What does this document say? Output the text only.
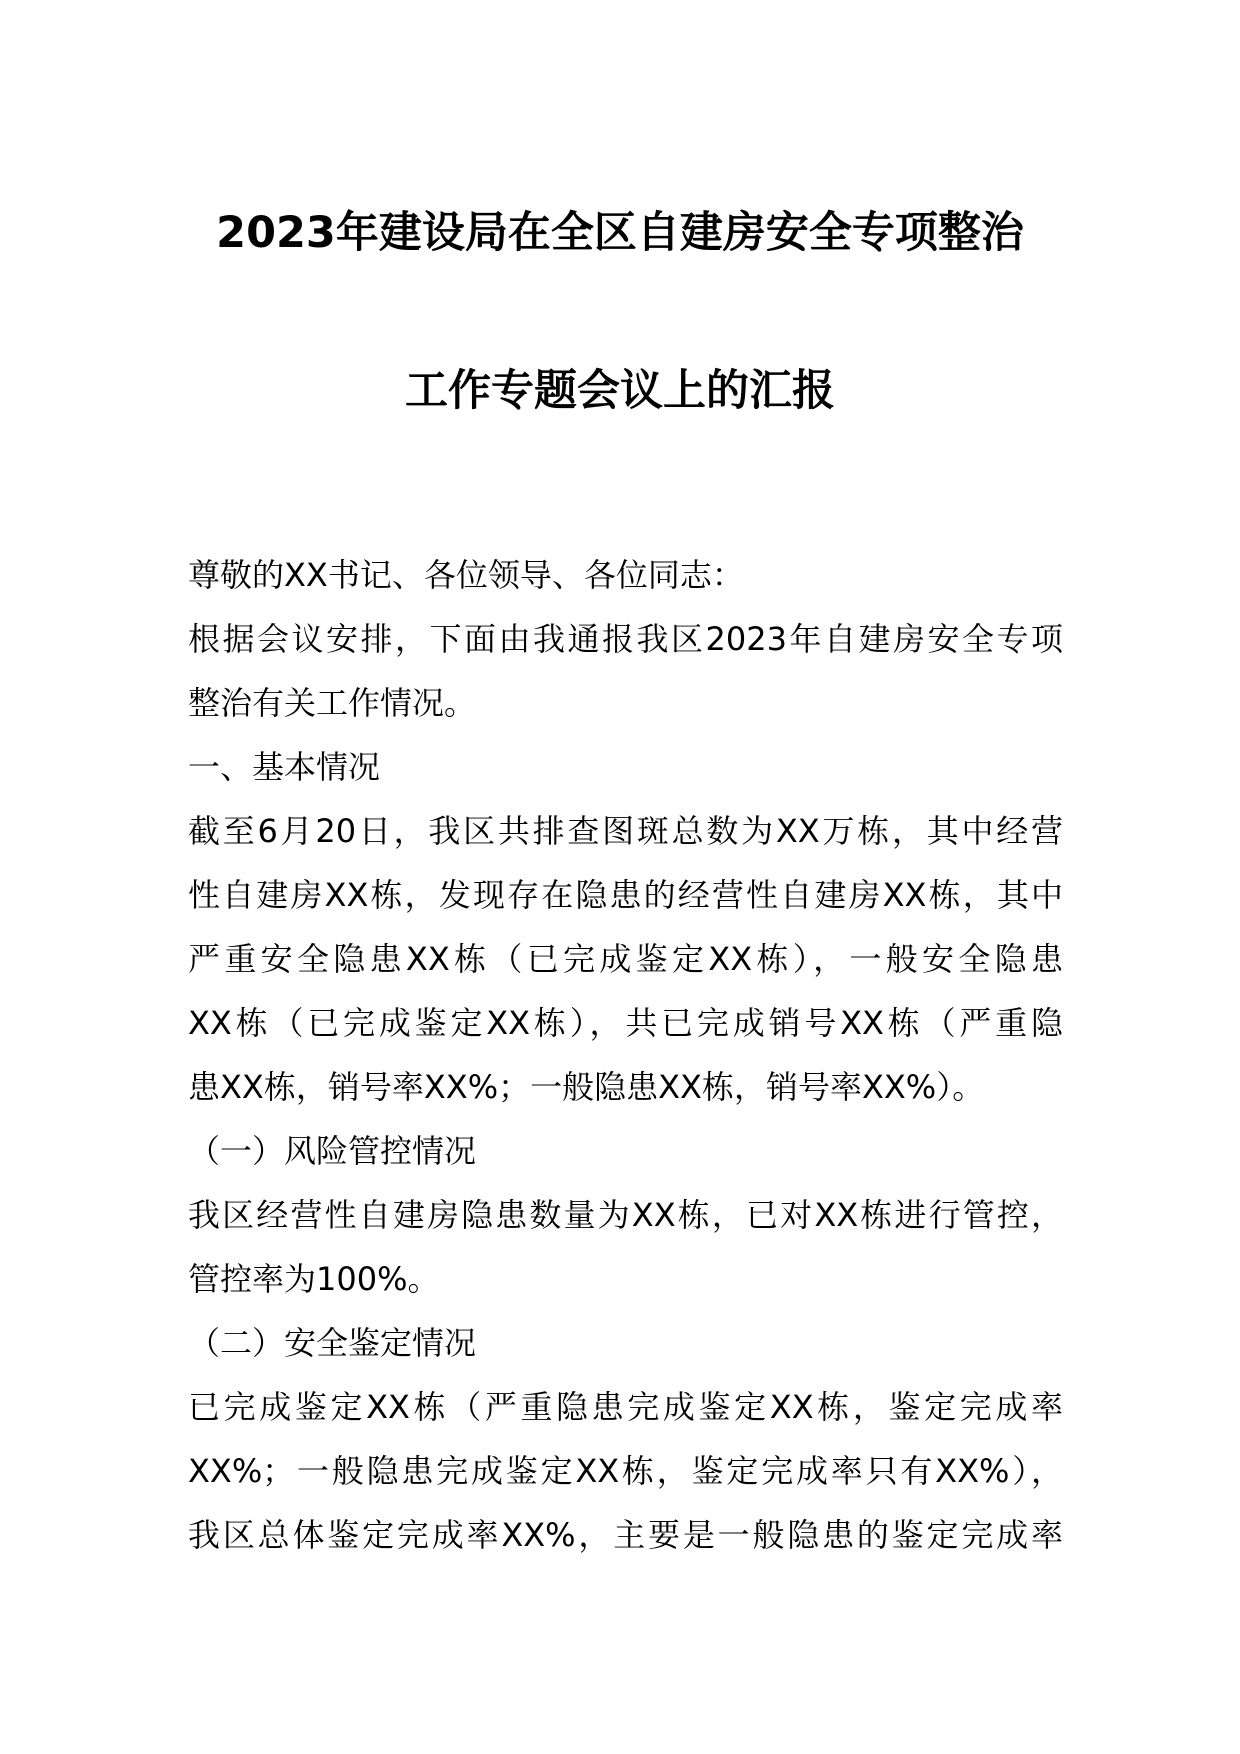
2023年建设局在全区自建房安全专项整治
工作专题会议上的汇报
尊敬的XX书记、各位领导、各位同志：
根据会议安排，下面由我通报我区2023年自建房安全专项
整治有关工作情况。
一、基本情况
截至6月20日，我区共排查图斑总数为XX万栋，其中经营
性自建房XX栋，发现存在隐患的经营性自建房XX栋，其中
严重安全隐患XX栋（已完成鉴定XX栋），一般安全隐患
XX栋（已完成鉴定XX栋），共已完成销号XX栋（严重隐
患XX栋，销号率XX%；一般隐患XX栋，销号率XX%）。
（一）风险管控情况
我区经营性自建房隐患数量为XX栋，已对XX栋进行管控，
管控率为100%。
（二）安全鉴定情况
已完成鉴定XX栋（严重隐患完成鉴定XX栋，鉴定完成率
XX%；一般隐患完成鉴定XX栋，鉴定完成率只有XX%），
我区总体鉴定完成率XX%，主要是一般隐患的鉴定完成率
